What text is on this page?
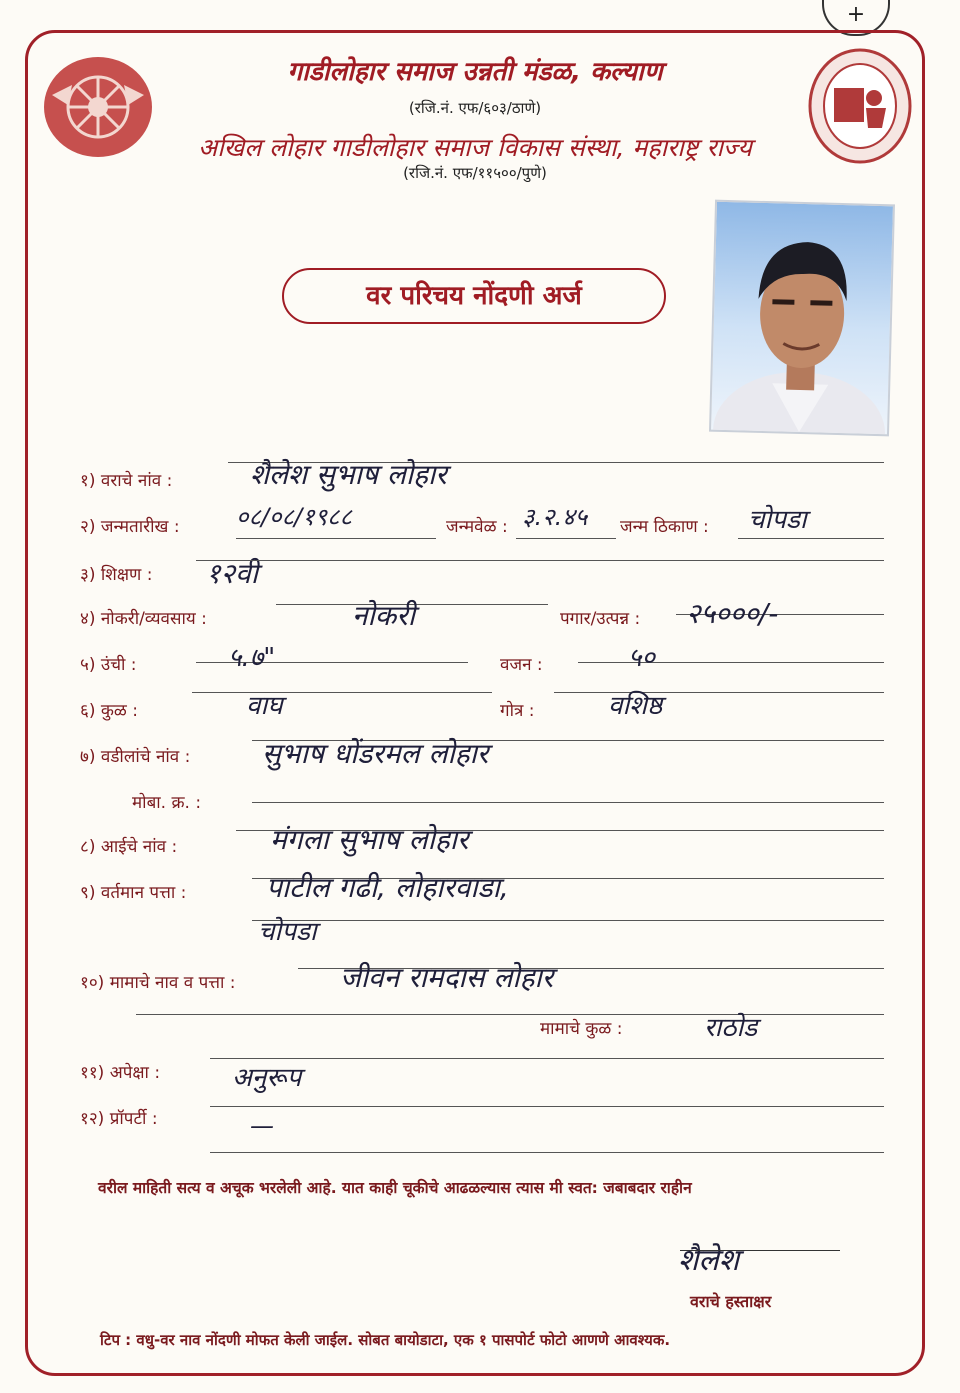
+
गाडीलोहार समाज उन्नती मंडळ, कल्याण
(रजि.नं. एफ/६०३/ठाणे)
अखिल लोहार गाडीलोहार समाज विकास संस्था, महाराष्ट्र राज्य
(रजि.नं. एफ/११५००/पुणे)
वर परिचय नोंदणी अर्ज
१) वराचे नांव :	शैलेश सुभाष लोहार
२) जन्मतारीख : ०८/०८/१९८८	जन्मवेळ : ३.२.४५ जन्म ठिकाण : चोपडा
३) शिक्षण : १२वी
४) नोकरी/व्यवसाय :	नोकरी	पगार/उत्पन्न : २५०००/-
५) उंची :	५.७"	वजन :	५०
६) कुळ :	वाघ	गोत्र :	वशिष्ठ
७) वडीलांचे नांव :	सुभाष धोंडरमल लोहार
मोबा. क्र. :
८) आईचे नांव :	मंगला सुभाष लोहार
९) वर्तमान पत्ता :	पाटील गढी, लोहारवाडा,
चोपडा
१०) मामाचे नाव व पत्ता :	जीवन रामदास लोहार
मामाचे कुळ :	राठोड
११) अपेक्षा :	अनुरूप
१२) प्रॉपर्टी :	—
वरील माहिती सत्य व अचूक भरलेली आहे. यात काही चूकीचे आढळल्यास त्यास मी स्वत: जबाबदार राहीन
शैलेश
वराचे हस्ताक्षर
टिप : वधु-वर नाव नोंदणी मोफत केली जाईल. सोबत बायोडाटा, एक १ पासपोर्ट फोटो आणणे आवश्यक.
